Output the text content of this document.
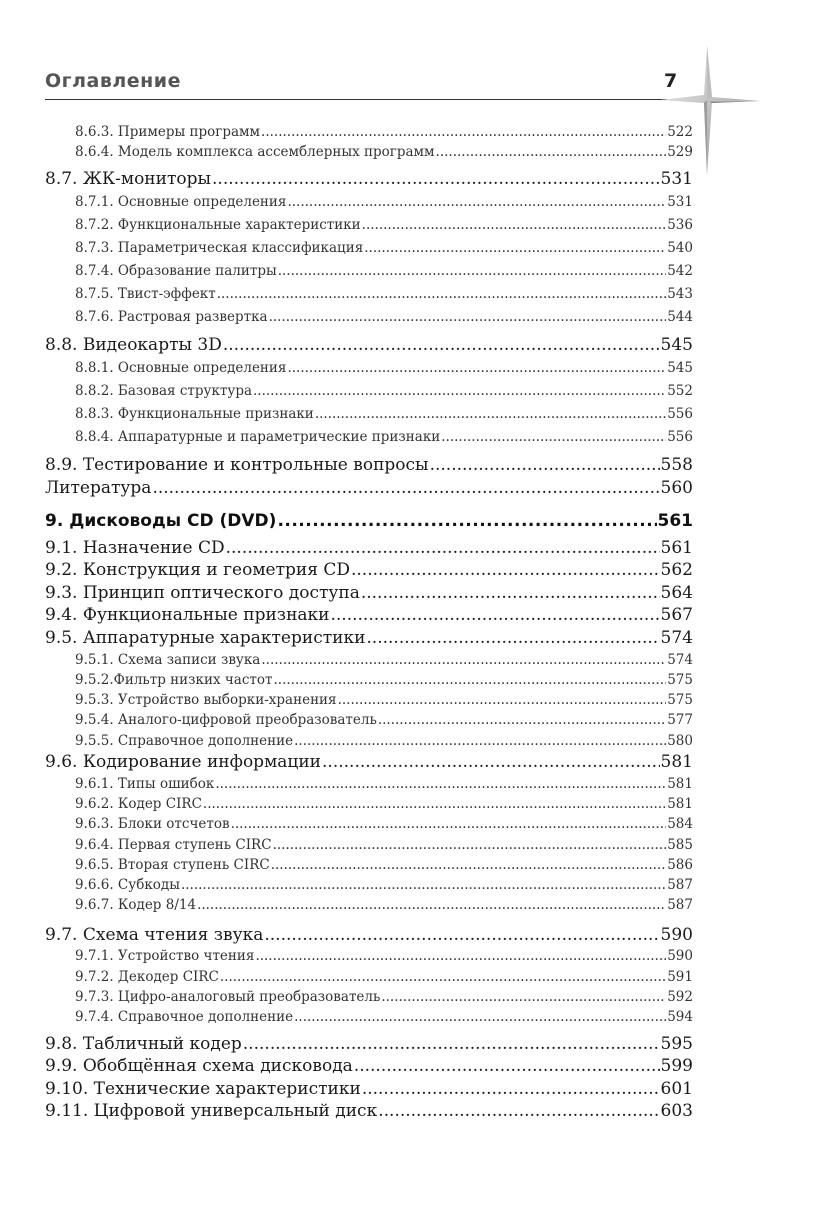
Оглавление	7
8.6.3. Примеры программ .....	522
8.6.4. Модель комплекса ассемблерных программ .....	529
8.7. ЖК-мониторы .....	531
8.7.1. Основные определения .....	531
8.7.2. Функциональные характеристики .....	536
8.7.3. Параметрическая классификация .....	540
8.7.4. Образование палитры .....	542
8.7.5. Твист-эффект .....	543
8.7.6. Растровая развертка .....	544
8.8. Видеокарты 3D .....	545
8.8.1. Основные определения .....	545
8.8.2. Базовая структура .....	552
8.8.3. Функциональные признаки .....	556
8.8.4. Аппаратурные и параметрические признаки .....	556
8.9. Тестирование и контрольные вопросы .....	558
Литература .....	560
9. Дисководы CD (DVD) .....	561
9.1. Назначение CD .....	561
9.2. Конструкция и геометрия CD .....	562
9.3. Принцип оптического доступа .....	564
9.4. Функциональные признаки .....	567
9.5. Аппаратурные характеристики .....	574
9.5.1. Схема записи звука .....	574
9.5.2.Фильтр низких частот .....	575
9.5.3. Устройство выборки-хранения .....	575
9.5.4. Аналого-цифровой преобразователь .....	577
9.5.5. Справочное дополнение .....	580
9.6. Кодирование информации .....	581
9.6.1. Типы ошибок .....	581
9.6.2. Кодер CIRC .....	581
9.6.3. Блоки отсчетов .....	584
9.6.4. Первая ступень CIRC .....	585
9.6.5. Вторая ступень CIRC .....	586
9.6.6. Субкоды .....	587
9.6.7. Кодер 8/14 .....	587
9.7. Схема чтения звука .....	590
9.7.1. Устройство чтения .....	590
9.7.2. Декодер CIRC .....	591
9.7.3. Цифро-аналоговый преобразователь .....	592
9.7.4. Справочное дополнение .....	594
9.8. Табличный кодер .....	595
9.9. Обобщённая схема дисковода .....	599
9.10. Технические характеристики .....	601
9.11. Цифровой универсальный диск .....	603
